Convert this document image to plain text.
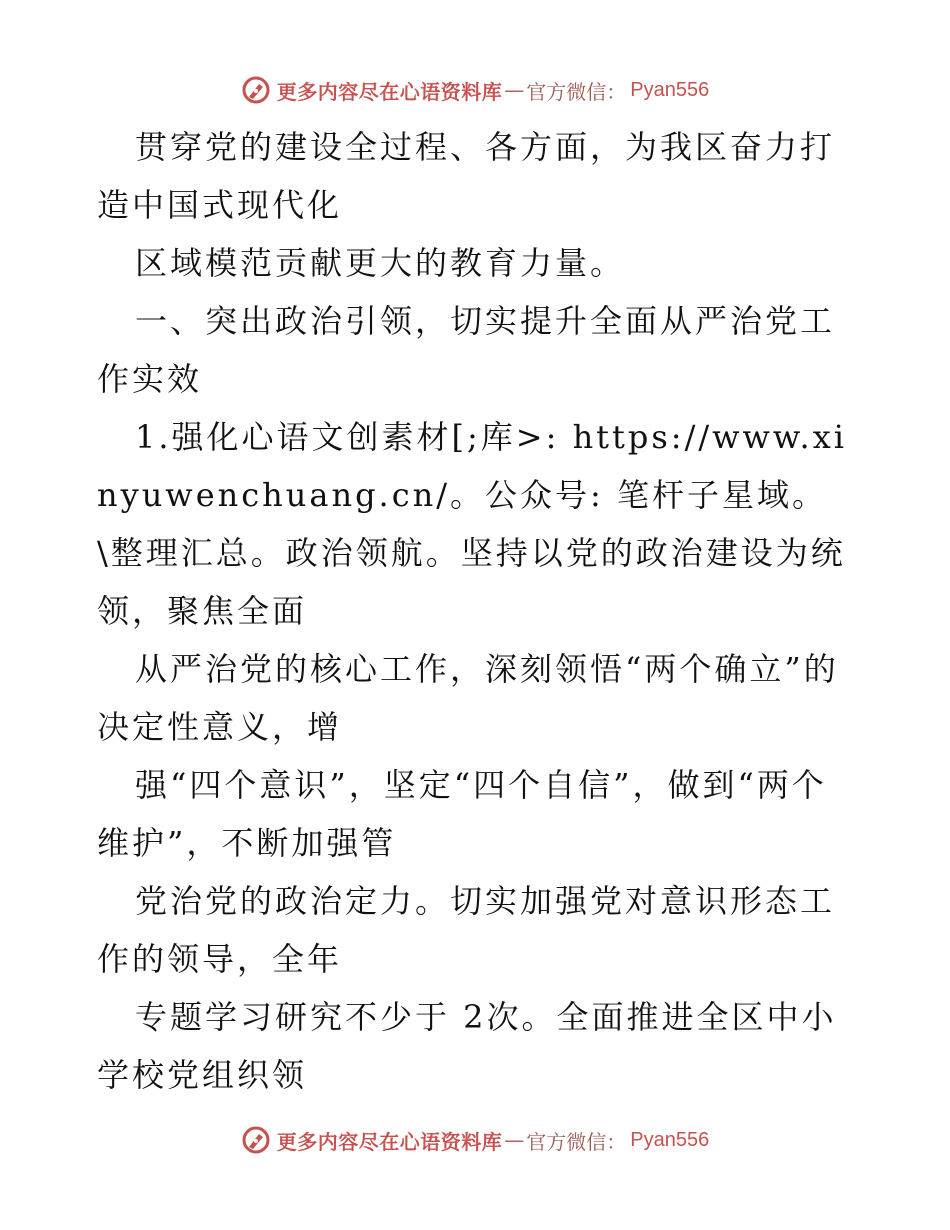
更多内容尽在心语资料库 — 官方微信： Pyan556

贯穿党的建设全过程、各方面，为我区奋力打造中国式现代化

区域模范贡献更大的教育力量。

一、突出政治引领，切实提升全面从严治党工作实效

1.强化心语文创素材[;库>: https://www.xinyuwenchuang.cn/。公众号: 笔杆子星域。\整理汇总。政治领航。坚持以党的政治建设为统领，聚焦全面

从严治党的核心工作，深刻领悟“两个确立”的决定性意义，增

强“四个意识”，坚定“四个自信”，做到“两个维护”，不断加强管

党治党的政治定力。切实加强党对意识形态工作的领导，全年

专题学习研究不少于 2次。全面推进全区中小学校党组织领

更多内容尽在心语资料库 — 官方微信： Pyan556
